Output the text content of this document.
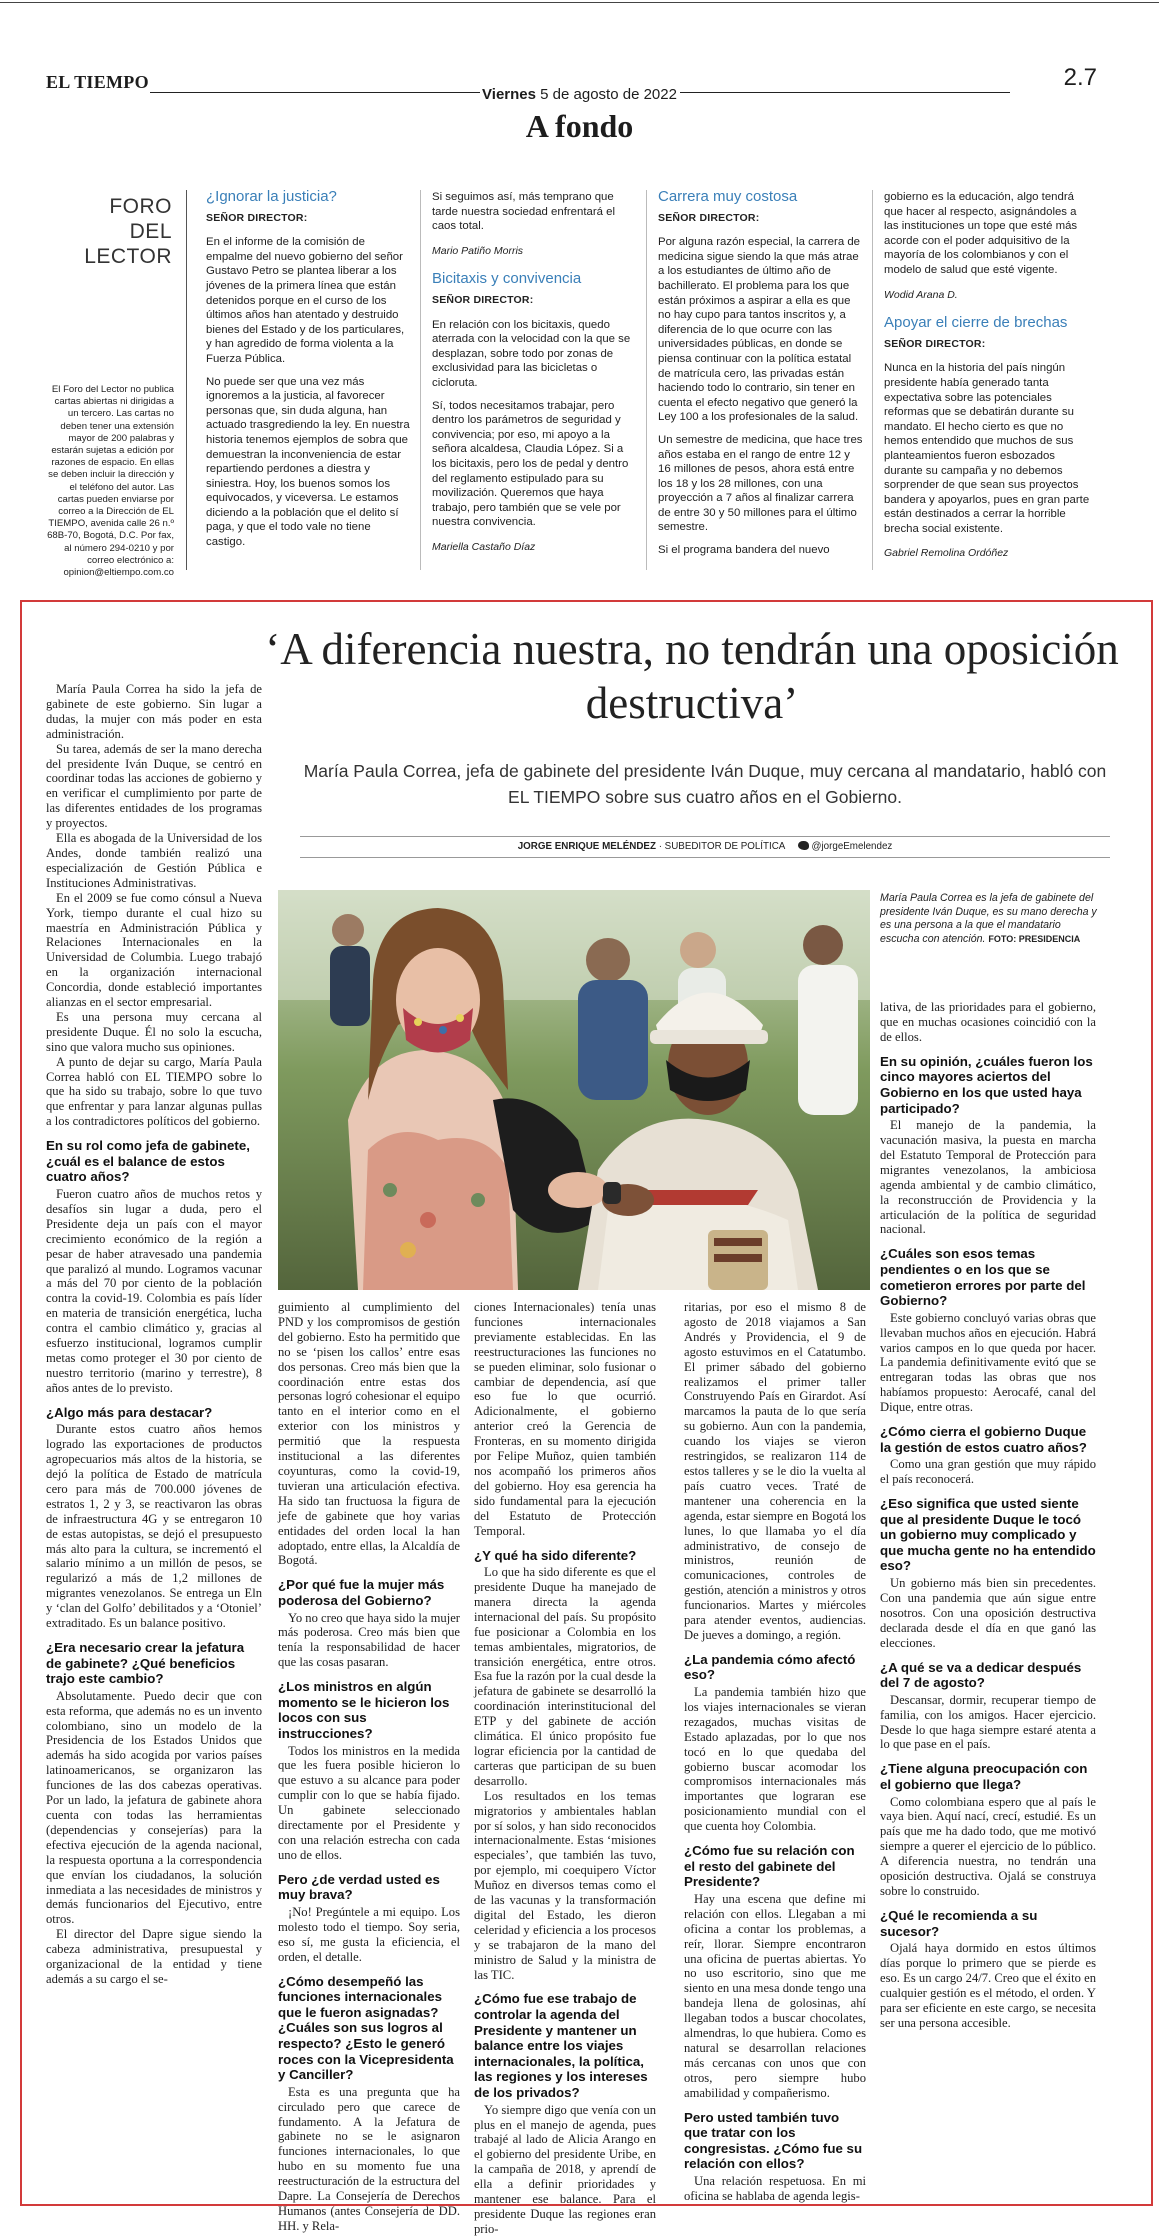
EL TIEMPO	2.7
Viernes 5 de agosto de 2022
A fondo
FORO DEL
LECTOR
El Foro del Lector no publica cartas abiertas ni dirigidas a un tercero. Las cartas no deben tener una extensión mayor de 200 palabras y estarán sujetas a edición por razones de espacio. En ellas se deben incluir la dirección y el teléfono del autor. Las cartas pueden enviarse por correo a la Dirección de EL TIEMPO, avenida calle 26 n.º 68B-70, Bogotá, D.C. Por fax, al número 294-0210 y por correo electrónico a: opinion@eltiempo.com.co
¿Ignorar la justicia?
SEÑOR DIRECTOR:

En el informe de la comisión de empalme del nuevo gobierno del señor Gustavo Petro se plantea liberar a los jóvenes de la primera línea que están detenidos porque en el curso de los últimos años han atentado y destruido bienes del Estado y de los particulares, y han agredido de forma violenta a la Fuerza Pública.

No puede ser que una vez más ignoremos a la justicia, al favorecer personas que, sin duda alguna, han actuado trasgrediendo la ley. En nuestra historia tenemos ejemplos de sobra que demuestran la inconveniencia de estar repartiendo perdones a diestra y siniestra. Hoy, los buenos somos los equivocados, y viceversa. Le estamos diciendo a la población que el delito sí paga, y que el todo vale no tiene castigo.

Si seguimos así, más temprano que tarde nuestra sociedad enfrentará el caos total.

Mario Patiño Morris
Bicitaxis y convivencia
SEÑOR DIRECTOR:

En relación con los bicitaxis, quedo aterrada con la velocidad con la que se desplazan, sobre todo por zonas de exclusividad para las bicicletas o cicloruta.

Sí, todos necesitamos trabajar, pero dentro los parámetros de seguridad y convivencia; por eso, mi apoyo a la señora alcaldesa, Claudia López. Si a los bicitaxis, pero los de pedal y dentro del reglamento estipulado para su movilización. Queremos que haya trabajo, pero también que se vele por nuestra convivencia.

Mariella Castaño Díaz
Carrera muy costosa
SEÑOR DIRECTOR:

Por alguna razón especial, la carrera de medicina sigue siendo la que más atrae a los estudiantes de último año de bachillerato. El problema para los que están próximos a aspirar a ella es que no hay cupo para tantos inscritos y, a diferencia de lo que ocurre con las universidades públicas, en donde se piensa continuar con la política estatal de matrícula cero, las privadas están haciendo todo lo contrario, sin tener en cuenta el efecto negativo que generó la Ley 100 a los profesionales de la salud.

Un semestre de medicina, que hace tres años estaba en el rango de entre 12 y 16 millones de pesos, ahora está entre los 18 y los 28 millones, con una proyección a 7 años al finalizar carrera de entre 30 y 50 millones para el último semestre.

Si el programa bandera del nuevo

gobierno es la educación, algo tendrá que hacer al respecto, asignándoles a las instituciones un tope que esté más acorde con el poder adquisitivo de la mayoría de los colombianos y con el modelo de salud que esté vigente.

Wodid Arana D.
Apoyar el cierre de brechas
SEÑOR DIRECTOR:

Nunca en la historia del país ningún presidente había generado tanta expectativa sobre las potenciales reformas que se debatirán durante su mandato. El hecho cierto es que no hemos entendido que muchos de sus planteamientos fueron esbozados durante su campaña y no debemos sorprender de que sean sus proyectos bandera y apoyarlos, pues en gran parte están destinados a cerrar la horrible brecha social existente.

Gabriel Remolina Ordóñez
‘A diferencia nuestra, no tendrán una oposición destructiva’
María Paula Correa, jefa de gabinete del presidente Iván Duque, muy cercana al mandatario, habló con EL TIEMPO sobre sus cuatro años en el Gobierno.
JORGE ENRIQUE MELÉNDEZ · SUBEDITOR DE POLÍTICA	@jorgeEmelendez
María Paula Correa es la jefa de gabinete del presidente Iván Duque, es su mano derecha y es una persona a la que el mandatario escucha con atención. FOTO: PRESIDENCIA

María Paula Correa ha sido la jefa de gabinete de este gobierno. Sin lugar a dudas, la mujer con más poder en esta administración.

Su tarea, además de ser la mano derecha del presidente Iván Duque, se centró en coordinar todas las acciones de gobierno y en verificar el cumplimiento por parte de las diferentes entidades de los programas y proyectos.

Ella es abogada de la Universidad de los Andes, donde también realizó una especialización de Gestión Pública e Instituciones Administrativas.

En el 2009 se fue como cónsul a Nueva York, tiempo durante el cual hizo su maestría en Administración Pública y Relaciones Internacionales en la Universidad de Columbia. Luego trabajó en la organización internacional Concordia, donde estableció importantes alianzas en el sector empresarial.

Es una persona muy cercana al presidente Duque. Él no solo la escucha, sino que valora mucho sus opiniones.

A punto de dejar su cargo, María Paula Correa habló con EL TIEMPO sobre lo que ha sido su trabajo, sobre lo que tuvo que enfrentar y para lanzar algunas pullas a los contradictores políticos del gobierno.

En su rol como jefa de gabinete, ¿cuál es el balance de estos cuatro años?

Fueron cuatro años de muchos retos y desafíos sin lugar a duda, pero el Presidente deja un país con el mayor crecimiento económico de la región a pesar de haber atravesado una pandemia que paralizó al mundo. Logramos vacunar a más del 70 por ciento de la población contra la covid-19. Colombia es país líder en materia de transición energética, lucha contra el cambio climático y, gracias al esfuerzo institucional, logramos cumplir metas como proteger el 30 por ciento de nuestro territorio (marino y terrestre), 8 años antes de lo previsto.

¿Algo más para destacar?

Durante estos cuatro años hemos logrado las exportaciones de productos agropecuarios más altos de la historia, se dejó la política de Estado de matrícula cero para más de 700.000 jóvenes de estratos 1, 2 y 3, se reactivaron las obras de infraestructura 4G y se entregaron 10 de estas autopistas, se dejó el presupuesto más alto para la cultura, se incrementó el salario mínimo a un millón de pesos, se regularizó a más de 1,2 millones de migrantes venezolanos. Se entrega un Eln y ‘clan del Golfo’ debilitados y a ‘Otoniel’ extraditado. Es un balance positivo.

¿Era necesario crear la jefatura de gabinete? ¿Qué beneficios trajo este cambio?

Absolutamente. Puedo decir que con esta reforma, que además no es un invento colombiano, sino un modelo de la Presidencia de los Estados Unidos que además ha sido acogida por varios países latinoamericanos, se organizaron las funciones de las dos cabezas operativas. Por un lado, la jefatura de gabinete ahora cuenta con todas las herramientas (dependencias y consejerías) para la efectiva ejecución de la agenda nacional, la respuesta oportuna a la correspondencia que envían los ciudadanos, la solución inmediata a las necesidades de ministros y demás funcionarios del Ejecutivo, entre otros.

El director del Dapre sigue siendo la cabeza administrativa, presupuestal y organizacional de la entidad y tiene además a su cargo el se-

guimiento al cumplimiento del PND y los compromisos de gestión del gobierno. Esto ha permitido que no se ‘pisen los callos’ entre esas dos personas. Creo más bien que la coordinación entre estas dos personas logró cohesionar el equipo tanto en el interior como en el exterior con los ministros y permitió que la respuesta institucional a las diferentes coyunturas, como la covid-19, tuvieran una articulación efectiva. Ha sido tan fructuosa la figura de jefe de gabinete que hoy varias entidades del orden local la han adoptado, entre ellas, la Alcaldía de Bogotá.

¿Por qué fue la mujer más poderosa del Gobierno?

Yo no creo que haya sido la mujer más poderosa. Creo más bien que tenía la responsabilidad de hacer que las cosas pasaran.

¿Los ministros en algún momento se le hicieron los locos con sus instrucciones?

Todos los ministros en la medida que les fuera posible hicieron lo que estuvo a su alcance para poder cumplir con lo que se había fijado. Un gabinete seleccionado directamente por el Presidente y con una relación estrecha con cada uno de ellos.

Pero ¿de verdad usted es muy brava?

¡No! Pregúntele a mi equipo. Los molesto todo el tiempo. Soy seria, eso sí, me gusta la eficiencia, el orden, el detalle.

¿Cómo desempeñó las funciones internacionales que le fueron asignadas? ¿Cuáles son sus logros al respecto? ¿Esto le generó roces con la Vicepresidenta y Canciller?

Esta es una pregunta que ha circulado pero que carece de fundamento. A la Jefatura de gabinete no se le asignaron funciones internacionales, lo que hubo en su momento fue una reestructuración de la estructura del Dapre. La Consejería de Derechos Humanos (antes Consejería de DD. HH. y Rela-

ciones Internacionales) tenía unas funciones internacionales previamente establecidas. En las reestructuraciones las funciones no se pueden eliminar, solo fusionar o cambiar de dependencia, así que eso fue lo que ocurrió. Adicionalmente, el gobierno anterior creó la Gerencia de Fronteras, en su momento dirigida por Felipe Muñoz, quien también nos acompañó los primeros años del gobierno. Hoy esa gerencia ha sido fundamental para la ejecución del Estatuto de Protección Temporal.

¿Y qué ha sido diferente?

Lo que ha sido diferente es que el presidente Duque ha manejado de manera directa la agenda internacional del país. Su propósito fue posicionar a Colombia en los temas ambientales, migratorios, de transición energética, entre otros. Esa fue la razón por la cual desde la jefatura de gabinete se desarrolló la coordinación interinstitucional del ETP y del gabinete de acción climática. El único propósito fue lograr eficiencia por la cantidad de carteras que participan de su buen desarrollo.

Los resultados en los temas migratorios y ambientales hablan por sí solos, y han sido reconocidos internacionalmente. Estas ‘misiones especiales’, que también las tuvo, por ejemplo, mi coequipero Víctor Muñoz en diversos temas como el de las vacunas y la transformación digital del Estado, les dieron celeridad y eficiencia a los procesos y se trabajaron de la mano del ministro de Salud y la ministra de las TIC.

¿Cómo fue ese trabajo de controlar la agenda del Presidente y mantener un balance entre los viajes internacionales, la política, las regiones y los intereses de los privados?

Yo siempre digo que venía con un plus en el manejo de agenda, pues trabajé al lado de Alicia Arango en el gobierno del presidente Uribe, en la campaña de 2018, y aprendí de ella a definir prioridades y mantener ese balance. Para el presidente Duque las regiones eran prio-

ritarias, por eso el mismo 8 de agosto de 2018 viajamos a San Andrés y Providencia, el 9 de agosto estuvimos en el Catatumbo. El primer sábado del gobierno realizamos el primer taller Construyendo País en Girardot. Así marcamos la pauta de lo que sería su gobierno. Aun con la pandemia, cuando los viajes se vieron restringidos, se realizaron 114 de estos talleres y se le dio la vuelta al país cuatro veces. Traté de mantener una coherencia en la agenda, estar siempre en Bogotá los lunes, lo que llamaba yo el día administrativo, de consejo de ministros, reunión de comunicaciones, controles de gestión, atención a ministros y otros funcionarios. Martes y miércoles para atender eventos, audiencias. De jueves a domingo, a región.

¿La pandemia cómo afectó eso?

La pandemia también hizo que los viajes internacionales se vieran rezagados, muchas visitas de Estado aplazadas, por lo que nos tocó en lo que quedaba del gobierno buscar acomodar los compromisos internacionales más importantes que lograran ese posicionamiento mundial con el que cuenta hoy Colombia.

¿Cómo fue su relación con el resto del gabinete del Presidente?

Hay una escena que define mi relación con ellos. Llegaban a mi oficina a contar los problemas, a reír, llorar. Siempre encontraron una oficina de puertas abiertas. Yo no uso escritorio, sino que me siento en una mesa donde tengo una bandeja llena de golosinas, ahí llegaban todos a buscar chocolates, almendras, lo que hubiera. Como es natural se desarrollan relaciones más cercanas con unos que con otros, pero siempre hubo amabilidad y compañerismo.

Pero usted también tuvo que tratar con los congresistas. ¿Cómo fue su relación con ellos?

Una relación respetuosa. En mi oficina se hablaba de agenda legis-

lativa, de las prioridades para el gobierno, que en muchas ocasiones coincidió con la de ellos.

En su opinión, ¿cuáles fueron los cinco mayores aciertos del Gobierno en los que usted haya participado?

El manejo de la pandemia, la vacunación masiva, la puesta en marcha del Estatuto Temporal de Protección para migrantes venezolanos, la ambiciosa agenda ambiental y de cambio climático, la reconstrucción de Providencia y la articulación de la política de seguridad nacional.

¿Cuáles son esos temas pendientes o en los que se cometieron errores por parte del Gobierno?

Este gobierno concluyó varias obras que llevaban muchos años en ejecución. Habrá varios campos en lo que queda por hacer. La pandemia definitivamente evitó que se entregaran todas las obras que nos habíamos propuesto: Aerocafé, canal del Dique, entre otras.

¿Cómo cierra el gobierno Duque la gestión de estos cuatro años?

Como una gran gestión que muy rápido el país reconocerá.

¿Eso significa que usted siente que al presidente Duque le tocó un gobierno muy complicado y que mucha gente no ha entendido eso?

Un gobierno más bien sin precedentes. Con una pandemia que aún sigue entre nosotros. Con una oposición destructiva declarada desde el día en que ganó las elecciones.

¿A qué se va a dedicar después del 7 de agosto?

Descansar, dormir, recuperar tiempo de familia, con los amigos. Hacer ejercicio. Desde lo que haga siempre estaré atenta a lo que pase en el país.

¿Tiene alguna preocupación con el gobierno que llega?

Como colombiana espero que al país le vaya bien. Aquí nací, crecí, estudié. Es un país que me ha dado todo, que me motivó siempre a querer el ejercicio de lo público. A diferencia nuestra, no tendrán una oposición destructiva. Ojalá se construya sobre lo construido.

¿Qué le recomienda a su sucesor?

Ojalá haya dormido en estos últimos días porque lo primero que se pierde es eso. Es un cargo 24/7. Creo que el éxito en cualquier gestión es el método, el orden. Y para ser eficiente en este cargo, se necesita ser una persona accesible.
